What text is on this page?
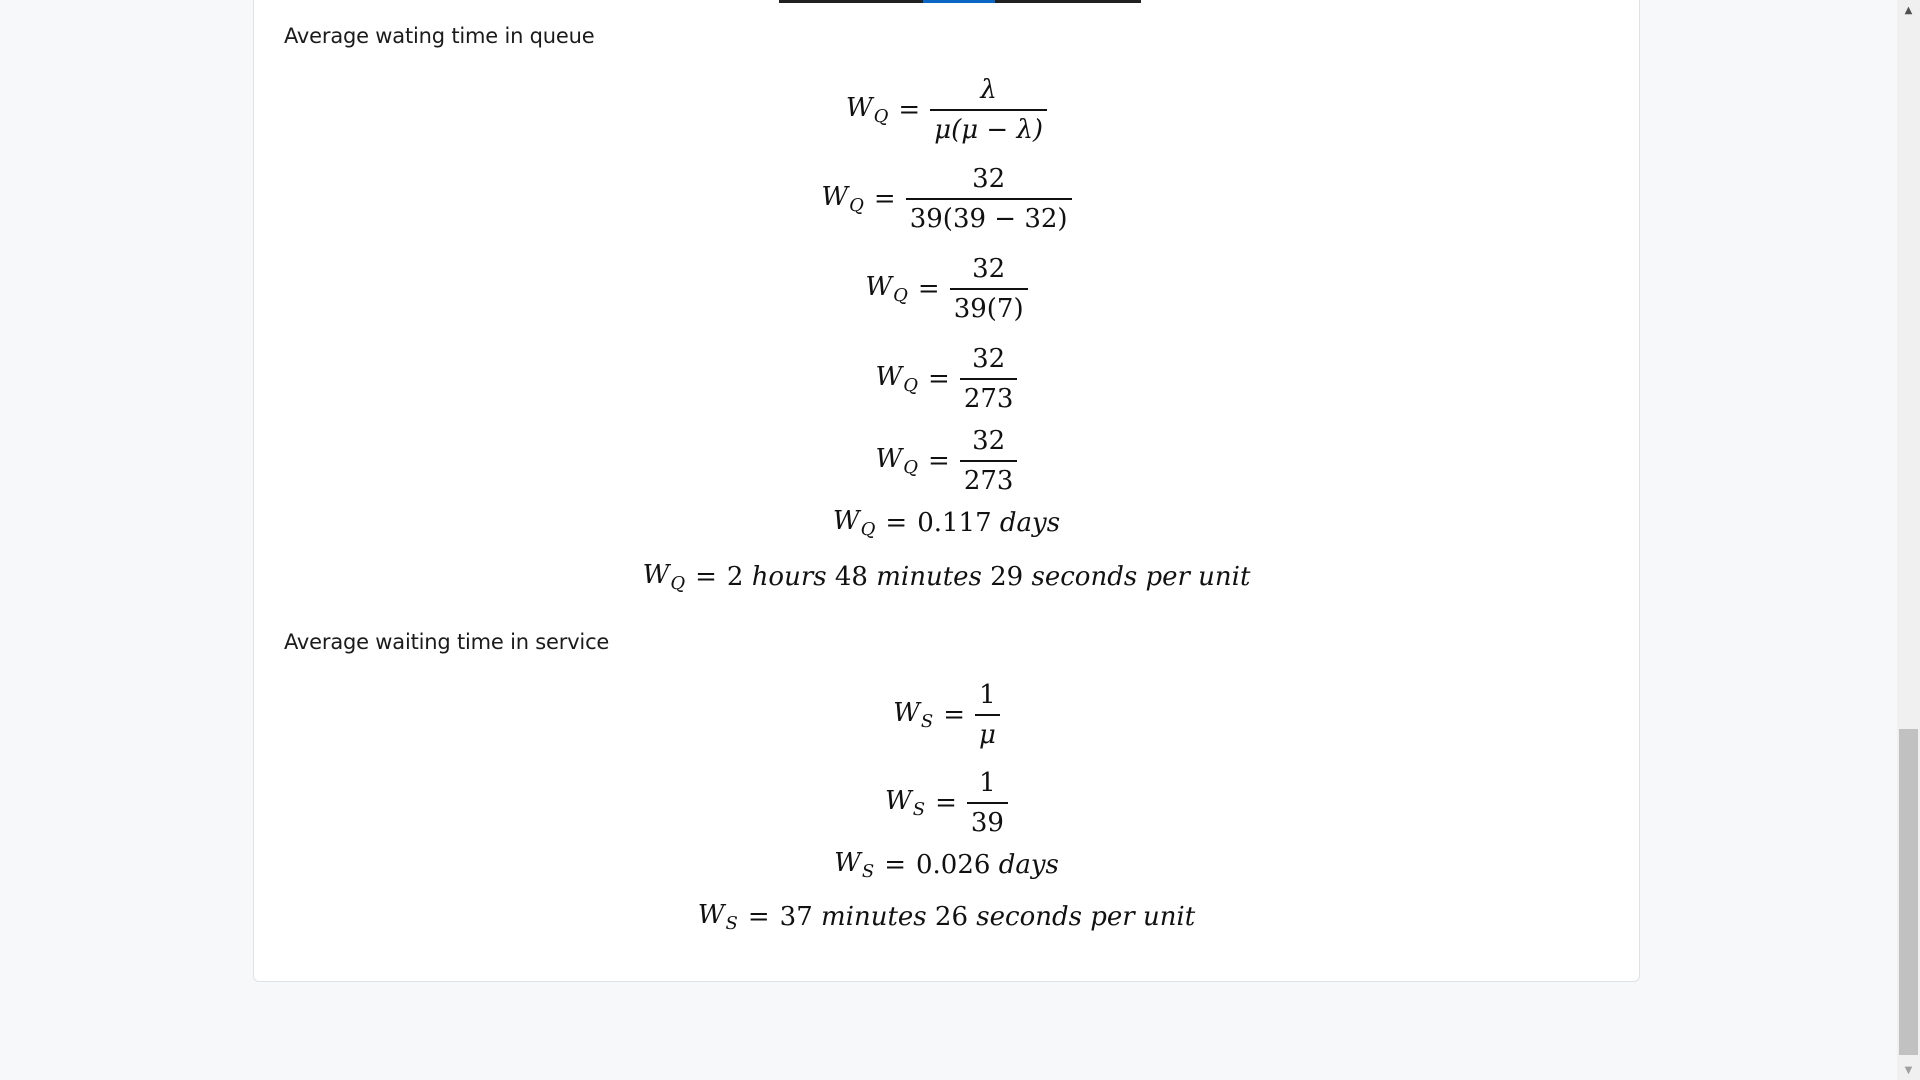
Average wating time in queue
$W_Q = \frac{\lambda}{\mu(\mu - \lambda)}$
$W_Q = \frac{32}{39(39 - 32)}$
$W_Q = \frac{32}{39(7)}$
$W_Q = \frac{32}{273}$
$W_Q = \frac{32}{273}$
$W_Q = 0.117$ days
$W_Q = 2$ hours 48 minutes 29 seconds per unit
Average waiting time in service
$W_S = \frac{1}{\mu}$
$W_S = \frac{1}{39}$
$W_S = 0.026$ days
$W_S = 37$ minutes 26 seconds per unit
▲
▼
